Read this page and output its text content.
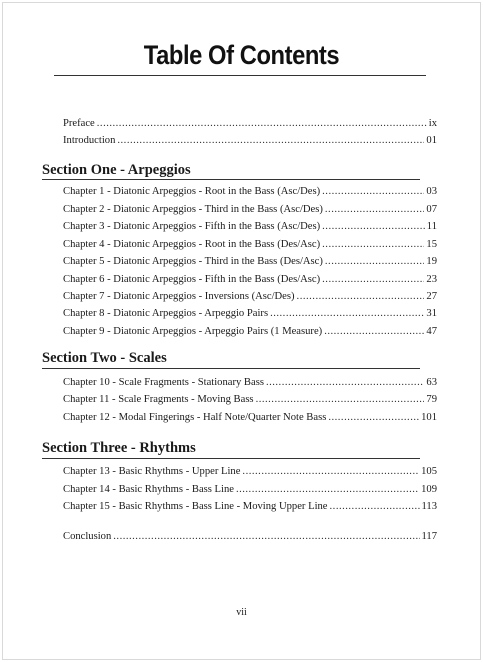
Table Of Contents
Preface .....	ix
Introduction .....	01
Section One - Arpeggios
Chapter 1 - Diatonic Arpeggios - Root in the Bass (Asc/Des) .....	03
Chapter 2 - Diatonic Arpeggios - Third in the Bass (Asc/Des) .....	07
Chapter 3 - Diatonic Arpeggios - Fifth in the Bass (Asc/Des) .....	11
Chapter 4 - Diatonic Arpeggios - Root in the Bass (Des/Asc) .....	15
Chapter 5 - Diatonic Arpeggios - Third in the Bass (Des/Asc) .....	19
Chapter 6 - Diatonic Arpeggios - Fifth in the Bass (Des/Asc) .....	23
Chapter 7 - Diatonic Arpeggios - Inversions (Asc/Des) .....	27
Chapter 8 - Diatonic Arpeggios - Arpeggio Pairs .....	31
Chapter 9 - Diatonic Arpeggios - Arpeggio Pairs (1 Measure) .....	47
Section Two - Scales
Chapter 10 - Scale Fragments - Stationary Bass .....	63
Chapter 11 - Scale Fragments - Moving Bass .....	79
Chapter 12 - Modal Fingerings - Half Note/Quarter Note Bass .....	101
Section Three - Rhythms
Chapter 13 - Basic Rhythms - Upper Line .....	105
Chapter 14 - Basic Rhythms - Bass Line .....	109
Chapter 15 - Basic Rhythms - Bass Line - Moving Upper Line .....	113
Conclusion .....	117
vii
